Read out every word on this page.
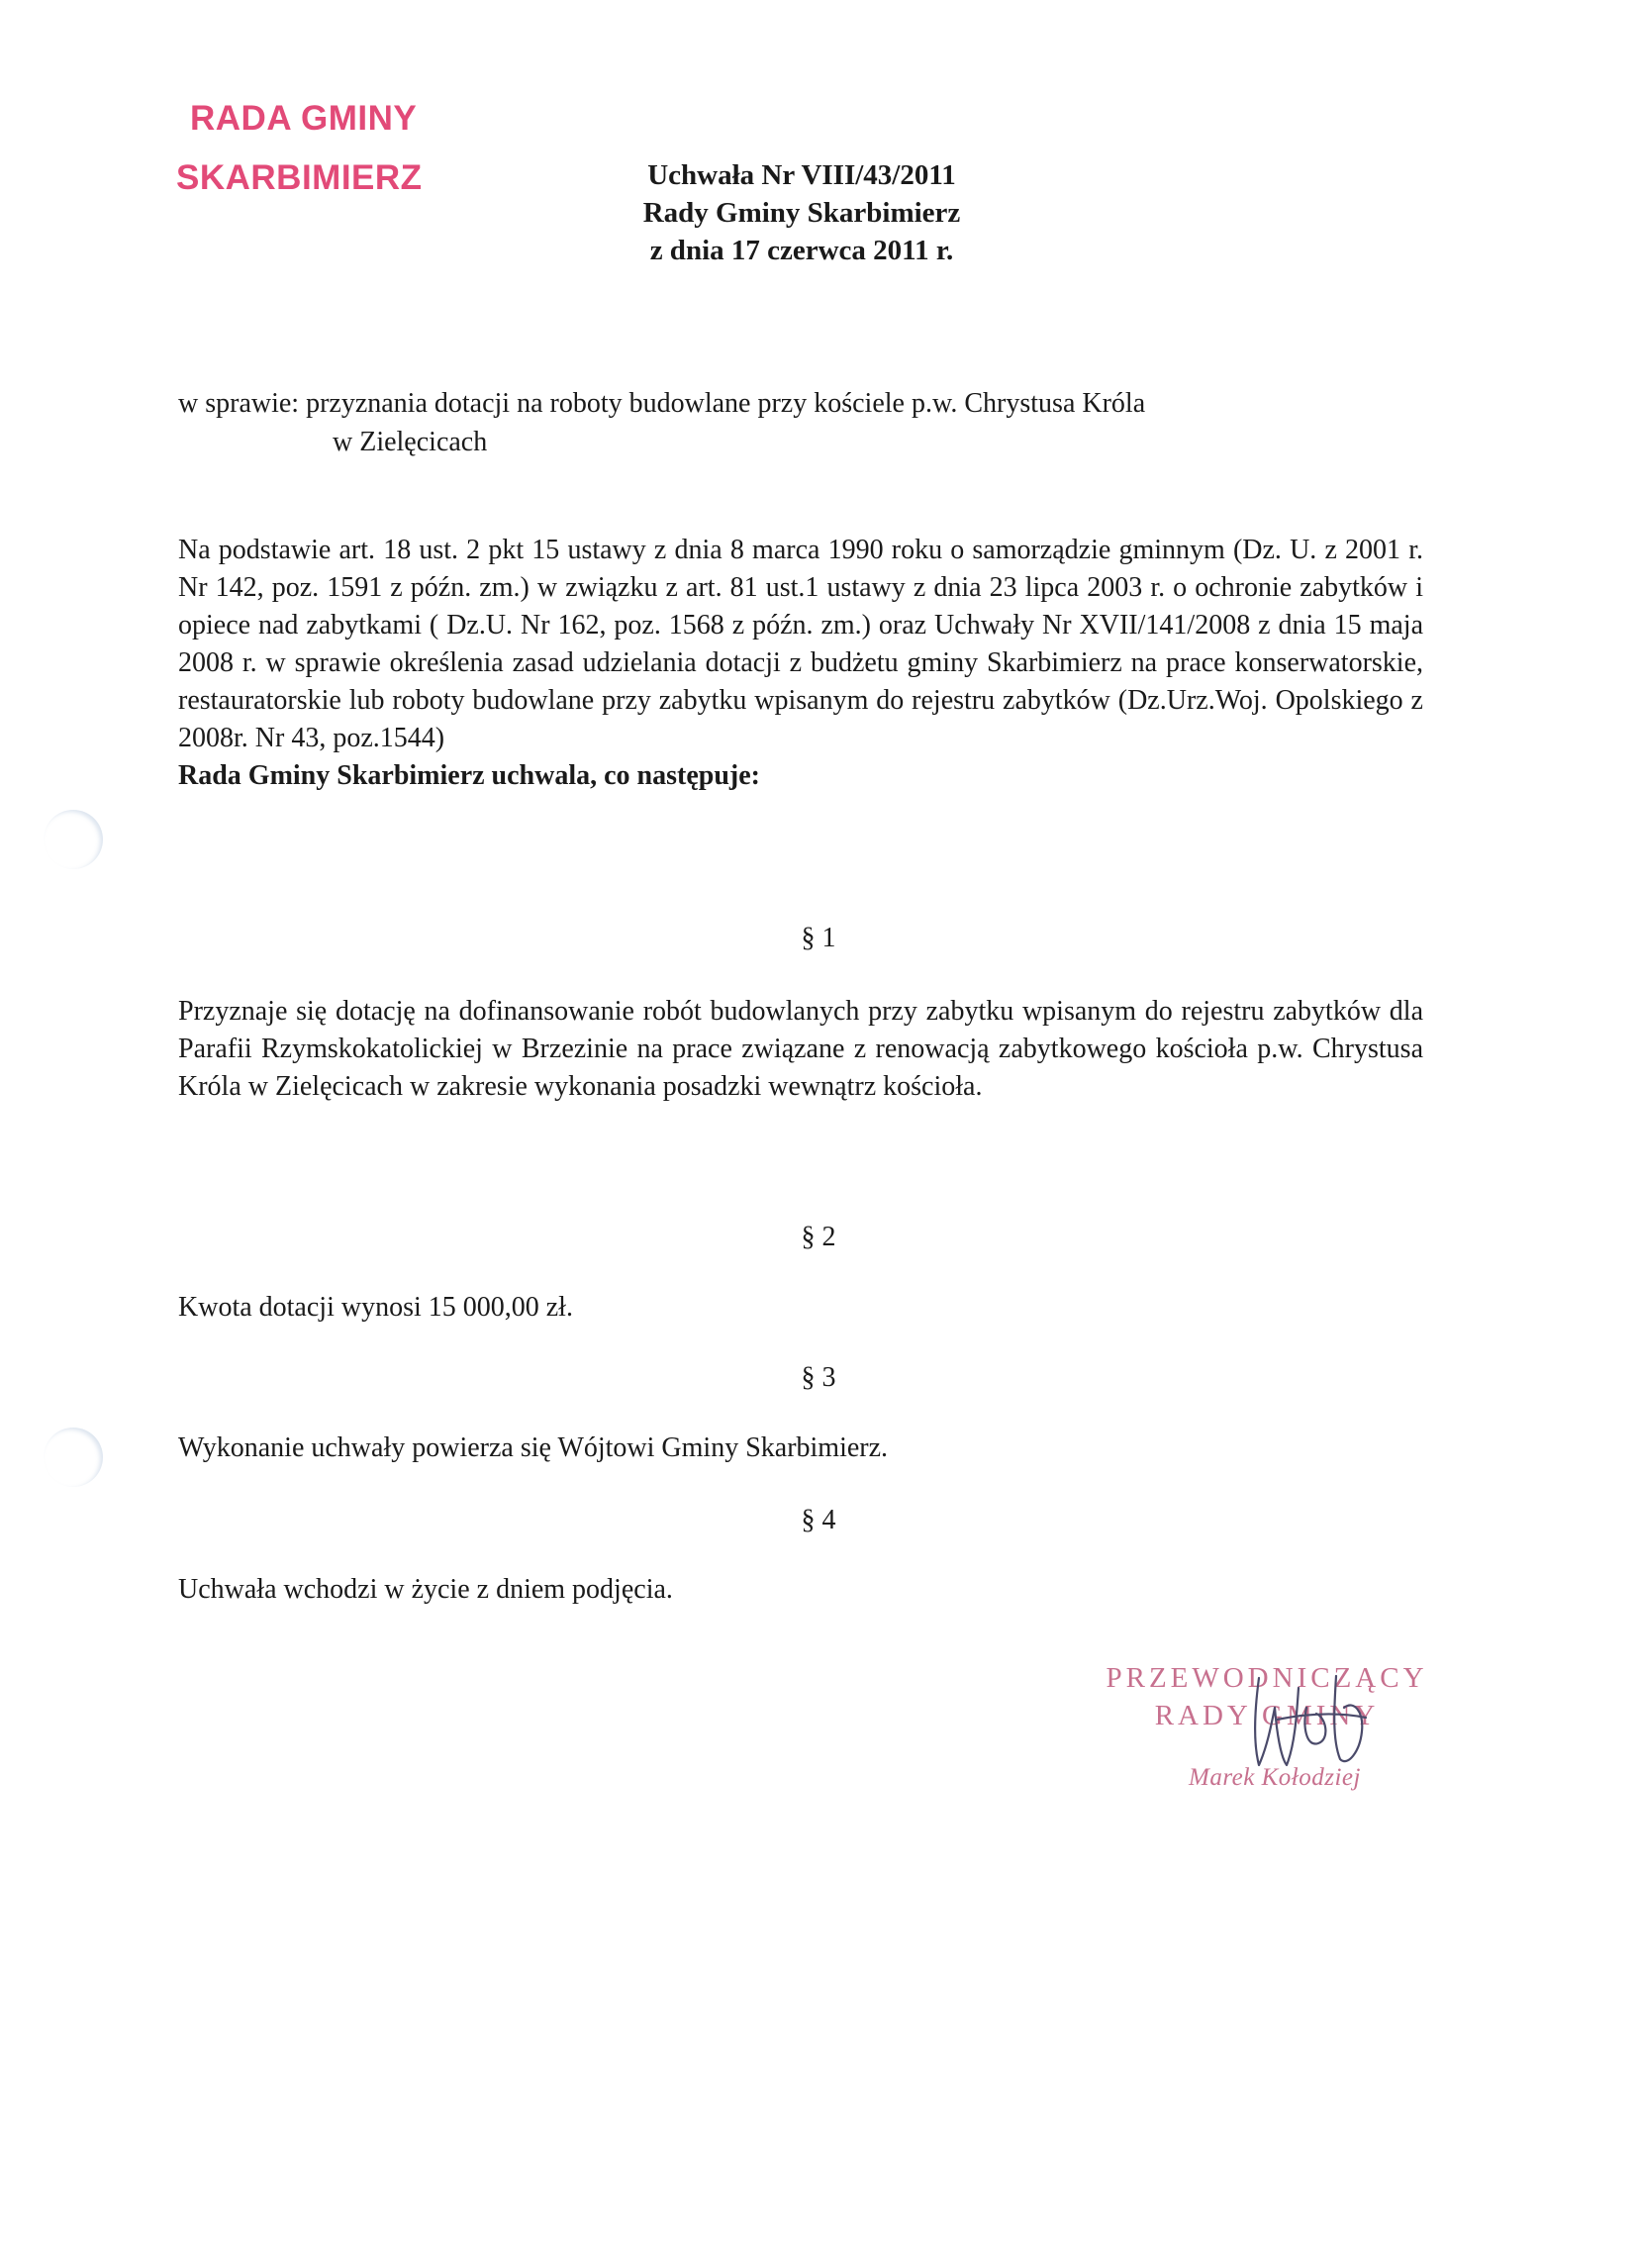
RADA GMINY
SKARBIMIERZ	Uchwała Nr VIII/43/2011
Rady Gminy Skarbimierz
z dnia 17 czerwca 2011 r.
w sprawie: przyznania dotacji na roboty budowlane przy kościele p.w. Chrystusa Króla
w Zielęcicach
Na podstawie art. 18 ust. 2 pkt 15 ustawy z dnia 8 marca 1990 roku o samorządzie gminnym (Dz. U. z 2001 r. Nr 142, poz. 1591 z późn. zm.) w związku z art. 81 ust.1 ustawy z dnia 23 lipca 2003 r. o ochronie zabytków i opiece nad zabytkami ( Dz.U. Nr 162, poz. 1568 z późn. zm.) oraz Uchwały Nr XVII/141/2008 z dnia 15 maja 2008 r. w sprawie określenia zasad udzielania dotacji z budżetu gminy Skarbimierz na prace konserwatorskie, restauratorskie lub roboty budowlane przy zabytku wpisanym do rejestru zabytków (Dz.Urz.Woj. Opolskiego z 2008r. Nr 43, poz.1544)
Rada Gminy Skarbimierz uchwala, co następuje:
§ 1
Przyznaje się dotację na dofinansowanie robót budowlanych przy zabytku wpisanym do rejestru zabytków dla Parafii Rzymskokatolickiej w Brzezinie na prace związane z renowacją zabytkowego kościoła p.w. Chrystusa Króla w Zielęcicach w zakresie wykonania posadzki wewnątrz kościoła.
§ 2
Kwota dotacji wynosi 15 000,00 zł.
§ 3
Wykonanie uchwały powierza się Wójtowi Gminy Skarbimierz.
§ 4
Uchwała wchodzi w życie z dniem podjęcia.
PRZEWODNICZĄCY
RADY GMINY
Marek Kołodziej
